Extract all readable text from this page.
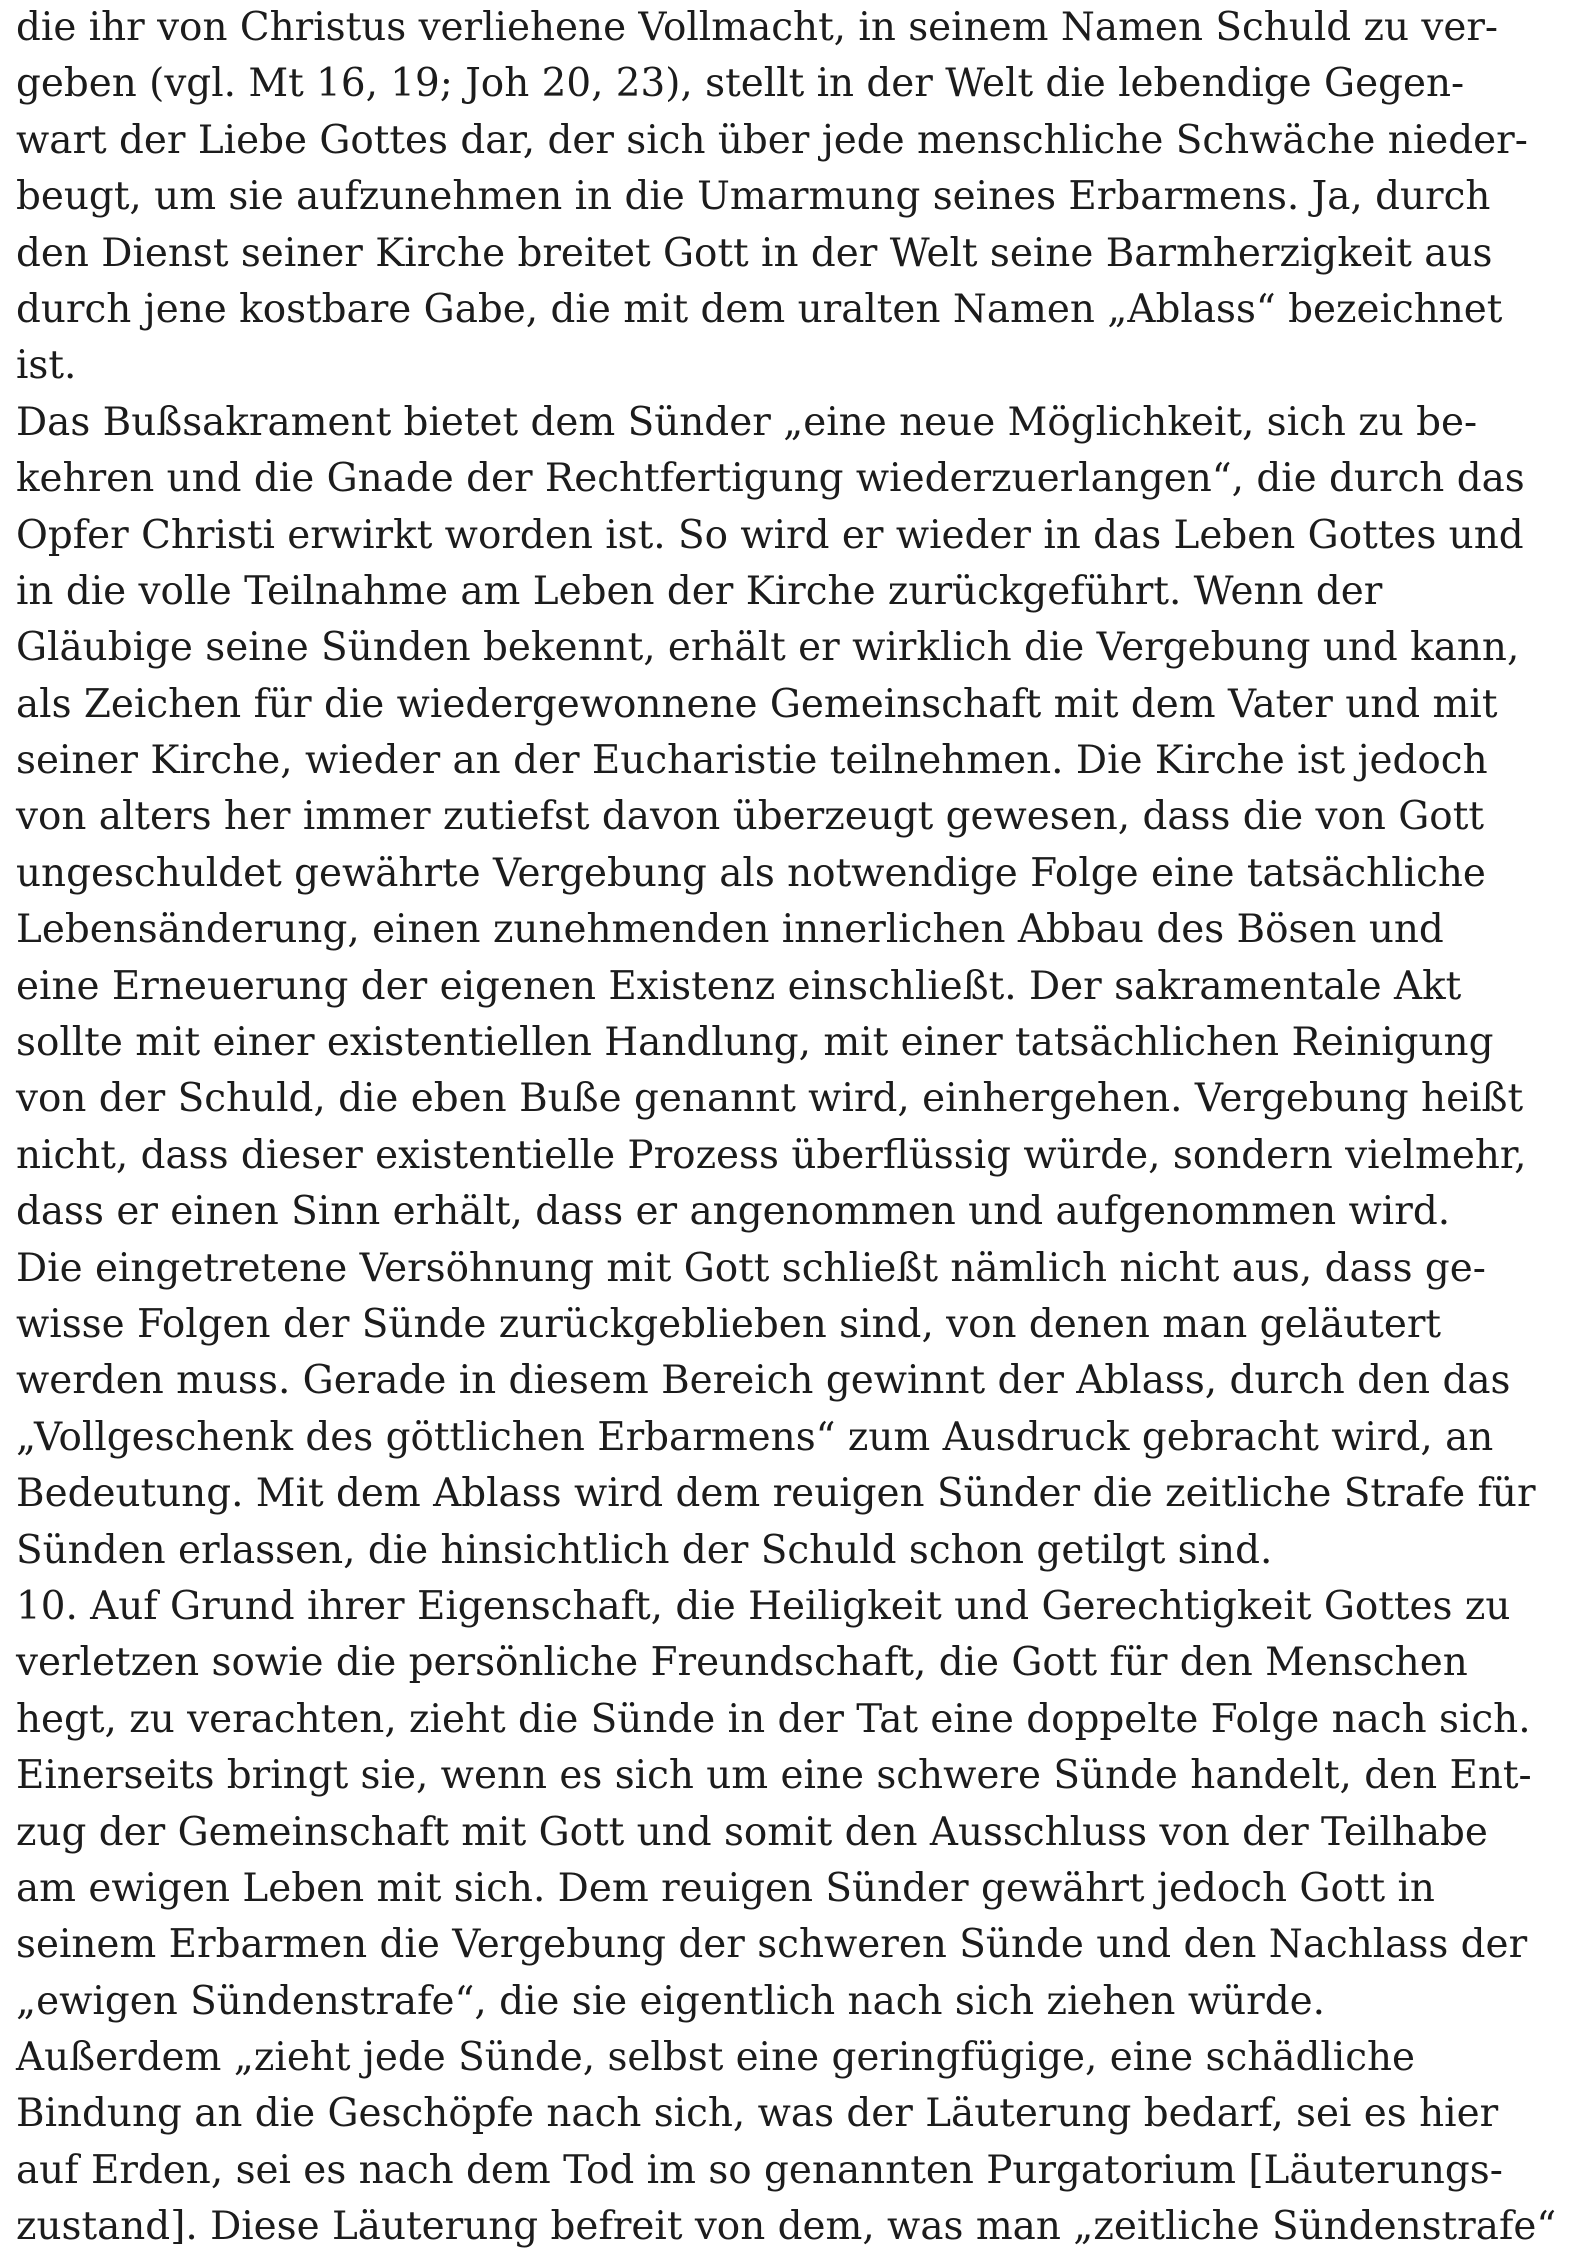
die ihr von Christus verliehene Vollmacht, in seinem Namen Schuld zu ver-
geben (vgl. Mt 16, 19; Joh 20, 23), stellt in der Welt die lebendige Gegen-
wart der Liebe Gottes dar, der sich über jede menschliche Schwäche nieder-
beugt, um sie aufzunehmen in die Umarmung seines Erbarmens. Ja, durch
den Dienst seiner Kirche breitet Gott in der Welt seine Barmherzigkeit aus
durch jene kostbare Gabe, die mit dem uralten Namen „Ablass“ bezeichnet
ist.
Das Bußsakrament bietet dem Sünder „eine neue Möglichkeit, sich zu be-
kehren und die Gnade der Rechtfertigung wiederzuerlangen“, die durch das
Opfer Christi erwirkt worden ist. So wird er wieder in das Leben Gottes und
in die volle Teilnahme am Leben der Kirche zurückgeführt. Wenn der
Gläubige seine Sünden bekennt, erhält er wirklich die Vergebung und kann,
als Zeichen für die wiedergewonnene Gemeinschaft mit dem Vater und mit
seiner Kirche, wieder an der Eucharistie teilnehmen. Die Kirche ist jedoch
von alters her immer zutiefst davon überzeugt gewesen, dass die von Gott
ungeschuldet gewährte Vergebung als notwendige Folge eine tatsächliche
Lebensänderung, einen zunehmenden innerlichen Abbau des Bösen und
eine Erneuerung der eigenen Existenz einschließt. Der sakramentale Akt
sollte mit einer existentiellen Handlung, mit einer tatsächlichen Reinigung
von der Schuld, die eben Buße genannt wird, einhergehen. Vergebung heißt
nicht, dass dieser existentielle Prozess überflüssig würde, sondern vielmehr,
dass er einen Sinn erhält, dass er angenommen und aufgenommen wird.
Die eingetretene Versöhnung mit Gott schließt nämlich nicht aus, dass ge-
wisse Folgen der Sünde zurückgeblieben sind, von denen man geläutert
werden muss. Gerade in diesem Bereich gewinnt der Ablass, durch den das
„Vollgeschenk des göttlichen Erbarmens“ zum Ausdruck gebracht wird, an
Bedeutung. Mit dem Ablass wird dem reuigen Sünder die zeitliche Strafe für
Sünden erlassen, die hinsichtlich der Schuld schon getilgt sind.
10. Auf Grund ihrer Eigenschaft, die Heiligkeit und Gerechtigkeit Gottes zu
verletzen sowie die persönliche Freundschaft, die Gott für den Menschen
hegt, zu verachten, zieht die Sünde in der Tat eine doppelte Folge nach sich.
Einerseits bringt sie, wenn es sich um eine schwere Sünde handelt, den Ent-
zug der Gemeinschaft mit Gott und somit den Ausschluss von der Teilhabe
am ewigen Leben mit sich. Dem reuigen Sünder gewährt jedoch Gott in
seinem Erbarmen die Vergebung der schweren Sünde und den Nachlass der
„ewigen Sündenstrafe“, die sie eigentlich nach sich ziehen würde.
Außerdem „zieht jede Sünde, selbst eine geringfügige, eine schädliche
Bindung an die Geschöpfe nach sich, was der Läuterung bedarf, sei es hier
auf Erden, sei es nach dem Tod im so genannten Purgatorium [Läuterungs-
zustand]. Diese Läuterung befreit von dem, was man „zeitliche Sündenstrafe“
